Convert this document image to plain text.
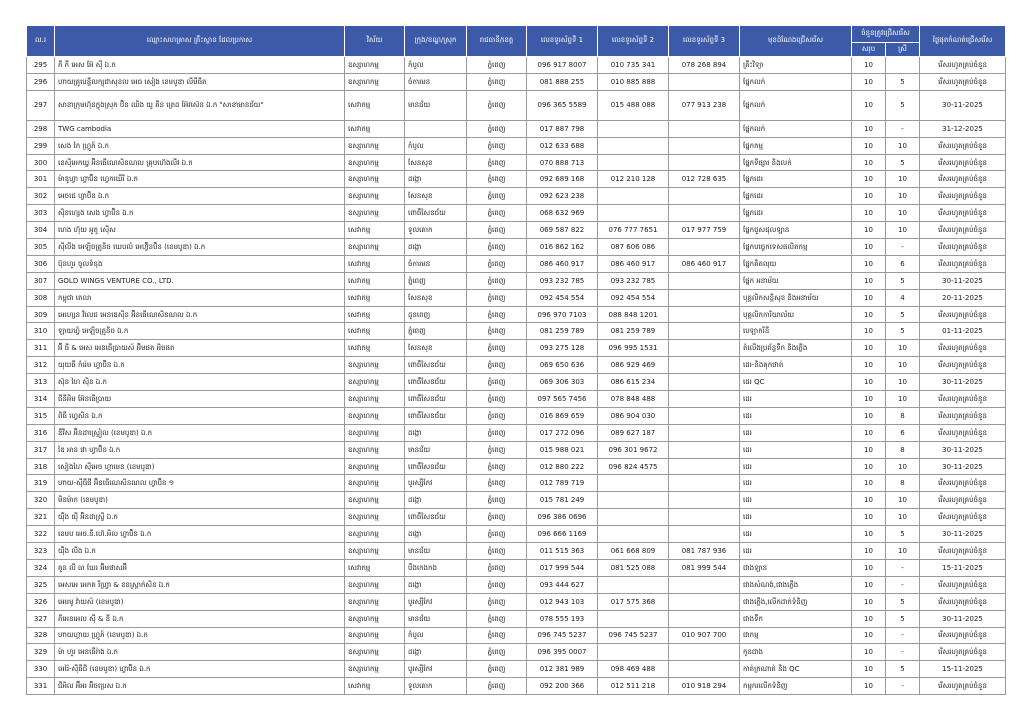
ល.រ	ឈ្មោះសហគ្រាស គ្រឹះស្ថាន ដែលប្រកាស	វិស័យ	ក្រុង/ខណ្ឌ/ស្រុក	រាជធានី/ខេត្ត	លេខទូរស័ព្ទទី 1	លេខទូរស័ព្ទទី 2	លេខទូរស័ព្ទទី 3	មុខដំណែងជ្រើសរើស	ចំនួនត្រូវជ្រើសរើស		ថ្ងៃផុតកំណត់ជ្រើសរើស
									សរុប	ស្រី	
295	ភី ភី អេស អ៊ែ ស៊ី ឯ.ក	ឧស្សាហកម្ម	កំបូល	ភ្នំពេញ	096 917 8007	010 735 341	078 268 894	គ្រឹះវិទ្យា	10		រើសរហូតគ្រប់ចំនួន
296	ហាយគ្រូបេន្ទីលក្សុជាសុខល អេធ សៀង ខេមបូឌា លីមីធីត	ឧស្សាហកម្ម	ចំការមន	ភ្នំពេញ	081 888 255	010 885 888		ផ្នែកលក់	10	5	រើសរហូតគ្រប់ចំនួន
297	សាខាក្រុមហ៊ុនក្នុងស្រុក ប៊ិន ឈិង យូ គីន ត្រេដ អ៊ែវស៊េន ឯ.ក "សាខាមានជ័យ"	សេវាកម្ម	មានជ័យ	ភ្នំពេញ	096 365 5589	015 488 088	077 913 238	ផ្នែកលក់	10	5	30-11-2025
298	TWG cambodia	សេវាកម្ម		ភ្នំពេញ	017 887 798			ផ្នែកលក់	10	-	31-12-2025
299	សេង កៃ ហ្គ្រូភ៍ ឯ.ក	ឧស្សាហកម្ម	កំបូល	ភ្នំពេញ	012 633 688			ផ្នែកកម្ម	10	10	រើសរហូតគ្រប់ចំនួន
300	ខេស៊ីអេកឃ្វ អ៊ិនធើណេសិនណល គ្រុបហ៊េងលីវ ឯ.ក	ឧស្សាហកម្ម	សែនសុខ	ភ្នំពេញ	070 888 713			ផ្នែកទីផ្សារ និងលក់	10	5	រើសរហូតគ្រប់ចំនួន
301	ម៉ាឌូហ្វា ហ្វាប៊ិន ហ្វេកឃើរី ឯ.ក	ឧស្សាហកម្ម	ដង្កោ	ភ្នំពេញ	092 689 168	012 210 128	012 728 635	ផ្នែកដេរ	10	10	រើសរហូតគ្រប់ចំនួន
302	អេចជេ ហ្វាប៊ិន ឯ.ក	ឧស្សាហកម្ម	សែនសុខ	ភ្នំពេញ	092 623 238			ផ្នែកដេរ	10	10	រើសរហូតគ្រប់ចំនួន
303	ស៊ិនហ្សេង សេង ហ្វាប៊ិន ឯ.ក	ឧស្សាហកម្ម	ពោធិ៍សែនជ័យ	ភ្នំពេញ	068 632 969			ផ្នែកដេរ	10	10	រើសរហូតគ្រប់ចំនួន
304	ហេង ហ៊ុយ អូតូ ស៊ើស	សេវាកម្ម	ទួលគោក	ភ្នំពេញ	069 587 822	076 777 7651	017 977 759	ផ្នែកជួសជុលឡាន	10	10	រើសរហូតគ្រប់ចំនួន
305	ស៊ីលីង អេឡិចត្រូនិច ឃេបល៍ អេហ្វ៊ិនប៊ិន (ខេមបូឌា) ឯ.ក	ឧស្សាហកម្ម	ដង្កោ	ភ្នំពេញ	016 862 162	087 606 086		ផ្នែកបច្ចេកទេសផលិតកម្ម	10	-	រើសរហូតគ្រប់ចំនួន
306	ប៊ុនហួរ ចូលទំនុង	សេវាកម្ម	ចំការមន	ភ្នំពេញ	086 460 917	086 460 917	086 460 917	ផ្នែកគិតលុយ	10	6	រើសរហូតគ្រប់ចំនួន
307	GOLD WINGS VENTURE CO., LTD.	សេវាកម្ម	ភ្នំពេញ	ភ្នំពេញ	093 232 785	093 232 785		ផ្នែក អនាម័យ	10	5	30-11-2025
308	កម្ពុជា តេលា	សេវាកម្ម	សែនសុខ	ភ្នំពេញ	092 454 554	092 454 554		បុគ្គលិកសន្តិសុខ និងអនាម័យ	10	4	20-11-2025
309	អេហ្សេន វិលេជ អេនឌេស៊ីន អ៊ិនធើណេសិនណល ឯ.ក	សេវាកម្ម	ដូនពេញ	ភ្នំពេញ	096 970 7103	088 848 1201		បុគ្គលិកការិយាល័យ	10	5	រើសរហូតគ្រប់ចំនួន
310	ឡាយហ្វ៍ អេឡិចត្រូនិច ឯ.ក	សេវាកម្ម	ភ្នំពេញ	ភ្នំពេញ	081 259 789	081 259 789		បេឡាករិនី	10	5	01-11-2025
311	អ៊ី ធី & អេស អេនធើប្រាយស៍ អ៊ិមផត អិចផត	សេវាកម្ម	សែនសុខ	ភ្នំពេញ	093 275 128	096 995 1531		តំលើងប្រព័ន្ធទឹក និងភ្លើង	10	10	រើសរហូតគ្រប់ចំនួន
312	យុយធី កំរ៉េម ហ្វាប៊ិន ឯ.ក	ឧស្សាហកម្ម	ពោធិ៍សែនជ័យ	ភ្នំពេញ	069 650 636	086 929 469		ដេរ-និងគុកថាត់	10	10	រើសរហូតគ្រប់ចំនួន
313	ស៊ុន ហៃ ស៊ិន ឯ.ក	ឧស្សាហកម្ម	ពោធិ៍សែនជ័យ	ភ្នំពេញ	069 306 303	086 615 234		ដេរ QC	10	10	30-11-2025
314	ជីនីអិម អ៊ែនធើប្រាយ	ឧស្សាហកម្ម	ពោធិ៍សែនជ័យ	ភ្នំពេញ	097 565 7456	078 848 488		ដេរ	10	10	រើសរហូតគ្រប់ចំនួន
315	ពិធី ហ្វេសិន ឯ.ក	ឧស្សាហកម្ម	ពោធិ៍សែនជ័យ	ភ្នំពេញ	016 869 659	086 904 030		ដេរ	10	8	រើសរហូតគ្រប់ចំនួន
316	ឌីវីស អ៊ិនដាស្ទ្រៀល (ខេមបូឌា) ឯ.ក	ឧស្សាហកម្ម	ដង្កោ	ភ្នំពេញ	017 272 096	089 627 187		ដេរ	10	6	រើសរហូតគ្រប់ចំនួន
317	ឌៃ អាន ផា ហ្វាប៊ិន ឯ.ក	ឧស្សាហកម្ម	មានជ័យ	ភ្នំពេញ	015 988 021	096 301 9672		ដេរ	10	8	30-11-2025
318	សៀងហៃ ស៊ីអេច ហ្គាមេន (ខេមបូឌា)	ឧស្សាហកម្ម	ពោធិ៍សែនជ័យ	ភ្នំពេញ	012 880 222	096 824 4575		ដេរ	10	10	30-11-2025
319	ហាយ-ស៊ីធីជី អ៊ិនធើណេសិនណល ហ្វាប៊ិន ១	ឧស្សាហកម្ម	បូរស្សីកែវ	ភ្នំពេញ	012 789 719			ដេរ	10	8	រើសរហូតគ្រប់ចំនួន
320	មិនម៉ាក (ខេមបូឌា)	ឧស្សាហកម្ម	ដង្កោ	ភ្នំពេញ	015 781 249			ដេរ	10	10	រើសរហូតគ្រប់ចំនួន
321	យ៉ឺង យ៉ី អ៊ិនដាស្ទ្រី ឯ.ក	ឧស្សាហកម្ម	ពោធិ៍សែនជ័យ	ភ្នំពេញ	096 386 0696			ដេរ	10	10	រើសរហូតគ្រប់ចំនួន
322	ខេមប អេច.នី.ហ៊េ.អិល ហ្វាប៊ិន ឯ.ក	ឧស្សាហកម្ម	ដង្កោ	ភ្នំពេញ	096 666 1169			ដេរ	10	5	30-11-2025
323	យ៉ឺង លីង ឯ.ក	ឧស្សាហកម្ម	មានជ័យ	ភ្នំពេញ	011 515 363	061 668 809	081 787 936	ដេរ	10	10	រើសរហូតគ្រប់ចំនួន
324	គួន លី ធា ឃែរ អ៊ិមផាសអ៊ី	សេវាកម្ម	បឹងកេងកង	ភ្នំពេញ	017 999 544	081 525 088	081 999 544	ជាងឡាន	10	-	15-11-2025
325	អេសអេ អេកត រីហ្វ្រា & ខនស្ត្រាក់សិន ឯ.ក	ឧស្សាហកម្ម	ដង្កោ	ភ្នំពេញ	093 444 627			ជាងសំណង់,ជាងភ្លើង	10	-	រើសរហូតគ្រប់ចំនួន
326	អេមមូ វ៉ាយស៍ (ខេមបូឌា)	ឧស្សាហកម្ម	បូរស្សីកែវ	ភ្នំពេញ	012 943 103	017 575 368		ជាងភ្លើង,លើកដាក់ទំនិញ	10	5	រើសរហូតគ្រប់ចំនួន
327	ភីអេនអេល ស៊ី & ឌី ឯ.ក	ឧស្សាហកម្ម	មានជ័យ	ភ្នំពេញ	078 555 193			ជាងទឹក	10	5	30-11-2025
328	ហាយហ្គាយ ហ្គ្រូភ៍ (ខេមបូឌា) ឯ.ក	ឧស្សាហកម្ម	កំបូល	ភ្នំពេញ	096 745 5237	096 745 5237	010 907 700	ជាកម្ម	10	-	រើសរហូតគ្រប់ចំនួន
329	ម៉ា ហួរ អេនធើរ៉ាង ឯ.ក	ឧស្សាហកម្ម	ដង្កោ	ភ្នំពេញ	096 395 0007			កូនជាង	10	-	រើសរហូតគ្រប់ចំនួន
330	អេរ៉ៃ-ស៊ីធីជី (ខេមបូឌា) ហ្វាប៊ិន ឯ.ក	ឧស្សាហកម្ម	បូរស្សីកែវ	ភ្នំពេញ	012 381 989	098 469 488		កាត់ក្រណាត់ និង QC	10	5	15-11-2025
331	ជីអិល អ៊ីអរ អ៊ិចប្រេស ឯ.ក	សេវាកម្ម	ទួលគោក	ភ្នំពេញ	092 200 366	012 511 218	010 918 294	កម្មករលើកទំនិញ	10	-	រើសរហូតគ្រប់ចំនួន
